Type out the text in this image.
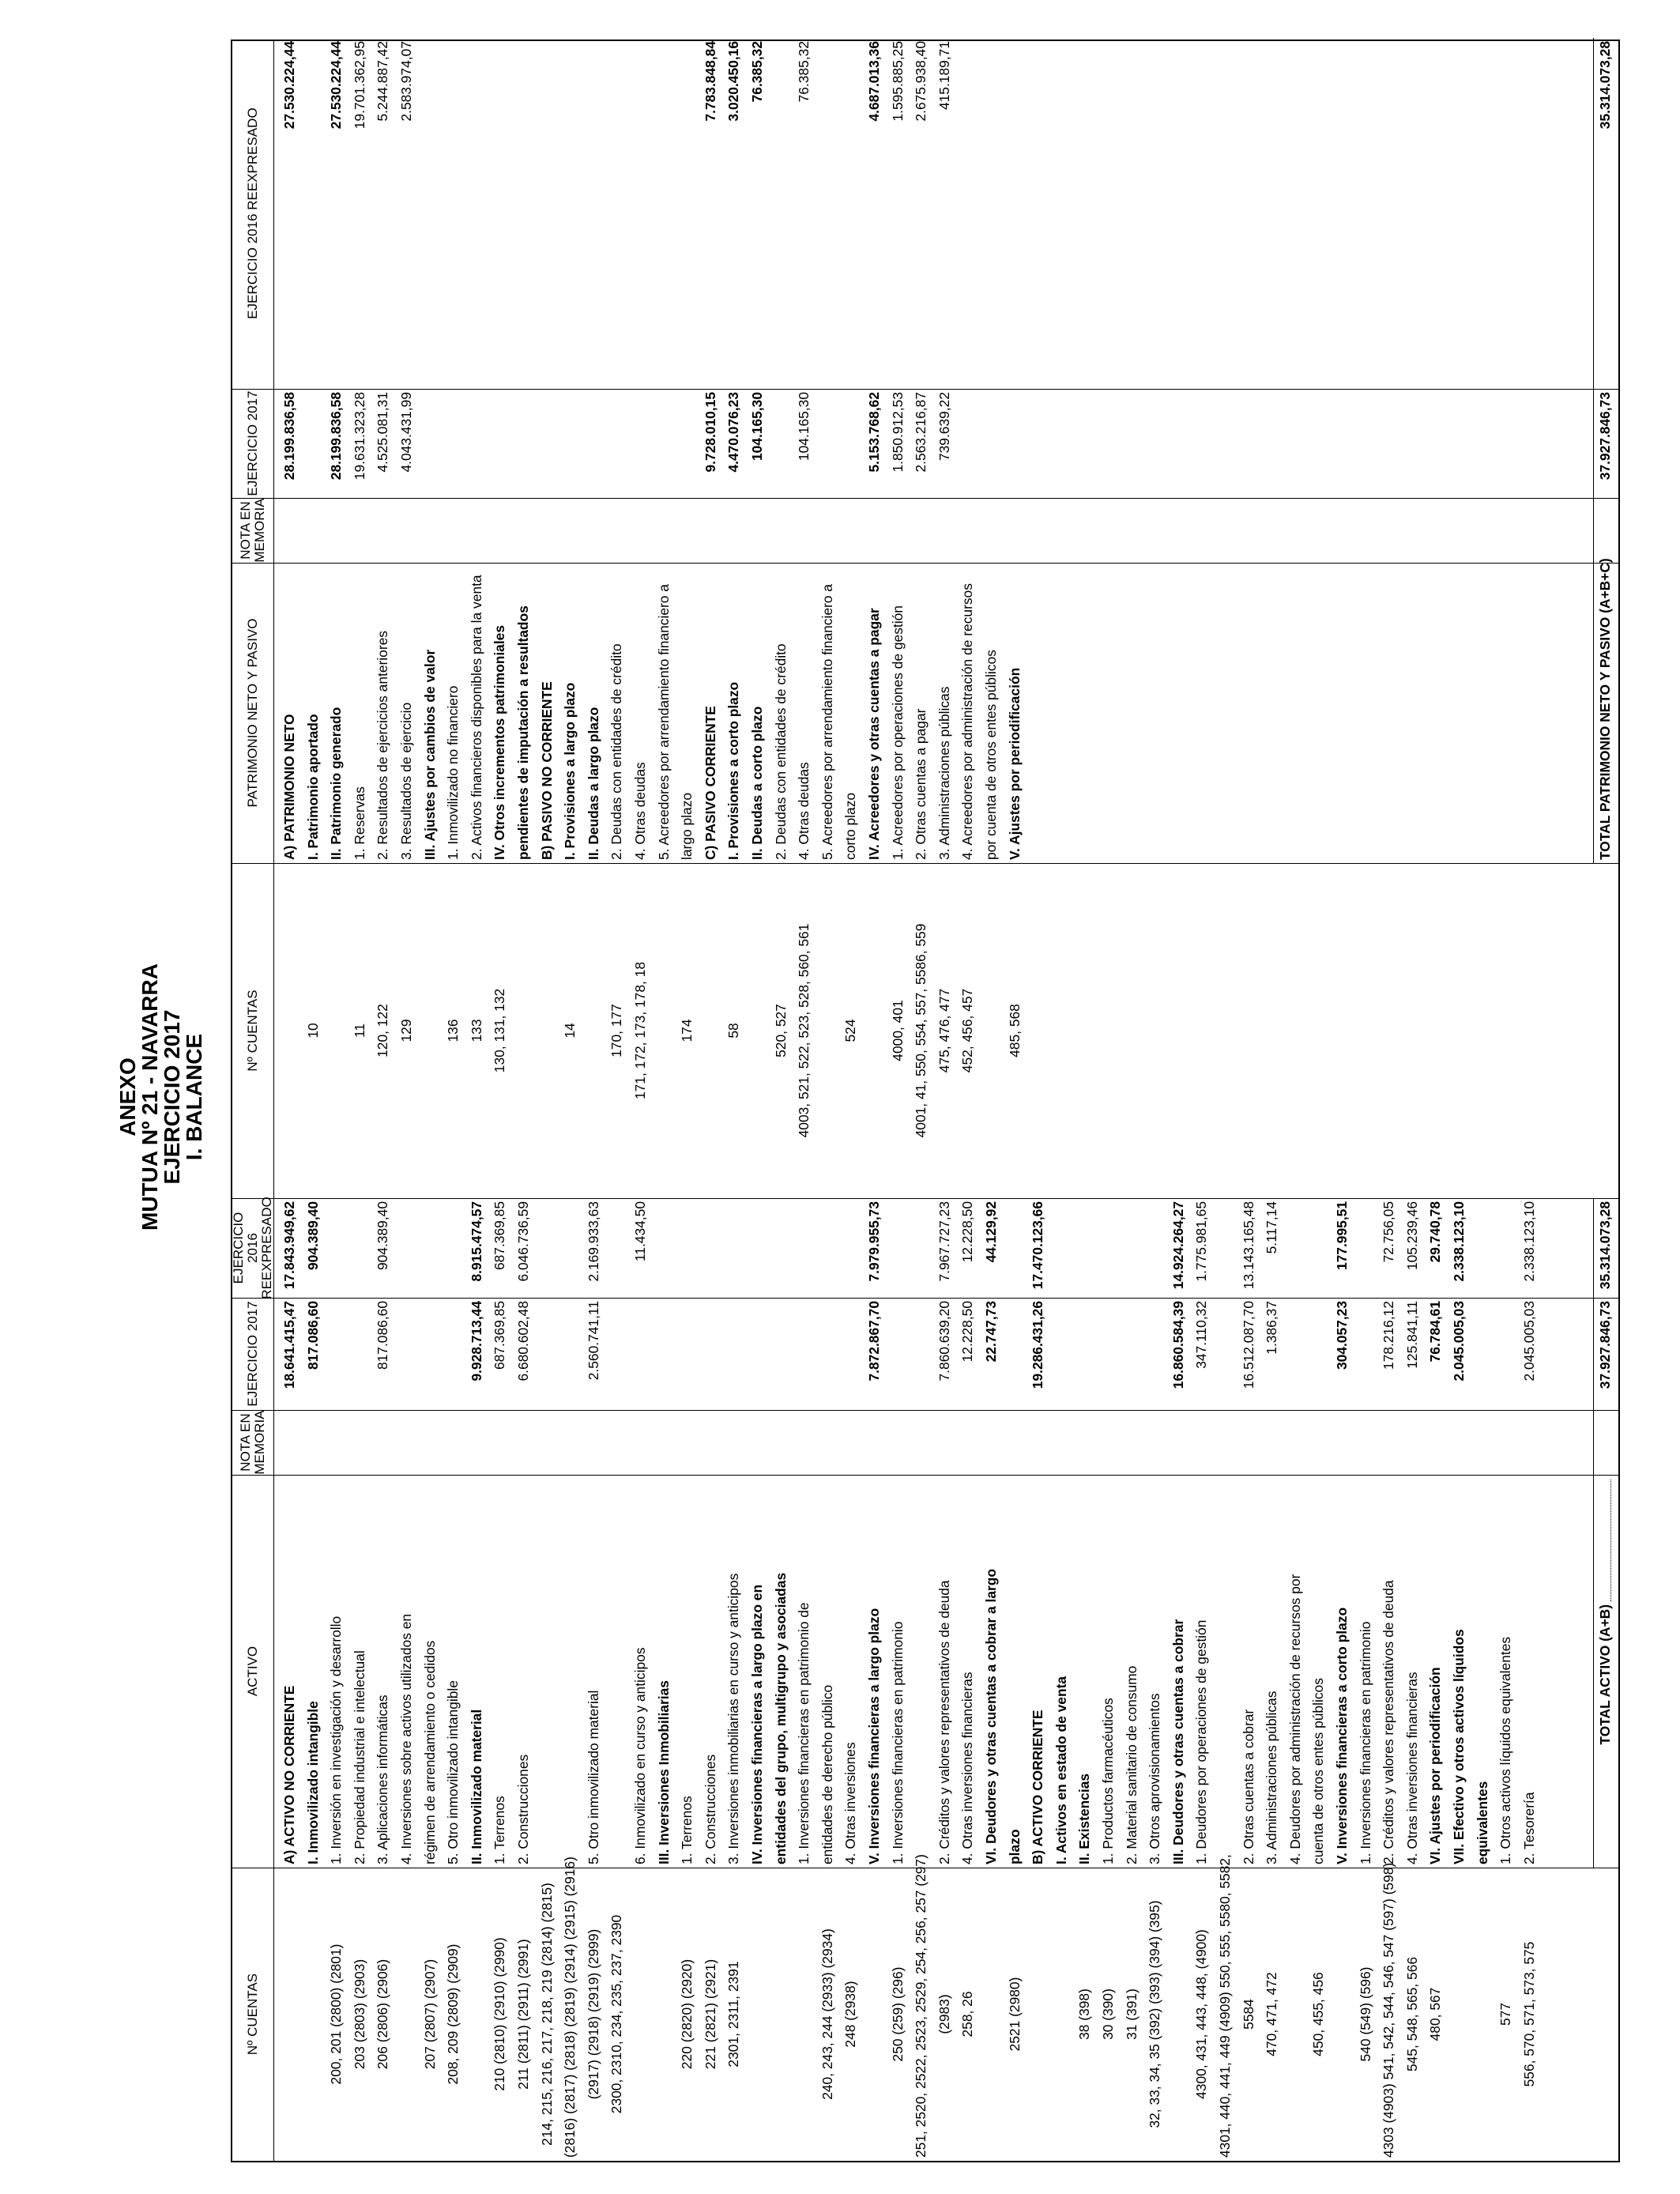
ANEXO
MUTUA Nº 21 - NAVARRA
EJERCICIO 2017
I. BALANCE
Nº CUENTAS
ACTIVO
NOTA EN MEMORIA
EJERCICIO 2017
EJERCICIO 2016 REEXPRESADO
Nº CUENTAS
PATRIMONIO NETO Y PASIVO
NOTA EN MEMORIA
EJERCICIO 2017
EJERCICIO 2016 REEXPRESADO
A) ACTIVO NO CORRIENTE
18.641.415,47
17.843.949,62
I. Inmovilizado intangible
817.086,60
904.389,40
200, 201 (2800) (2801)
1. Inversión en investigación y desarrollo
203 (2803) (2903)
2. Propiedad industrial e intelectual
206 (2806) (2906)
3. Aplicaciones informáticas
817.086,60
904.389,40
4. Inversiones sobre activos utilizados en
207 (2807) (2907)
régimen de arrendamiento o cedidos
208, 209 (2809) (2909)
5. Otro inmovilizado intangible II. Inmovilizado material
9.928.713,44
8.915.474,57
210 (2810) (2910) (2990)
1. Terrenos
687.369,85
687.369,85
211 (2811) (2911) (2991)
2. Construcciones
6.680.602,48
6.046.736,59
214, 215, 216, 217, 218, 219 (2814) (2815) (2816) (2817) (2818) (2819) (2914) (2915) (2916) (2917) (2918) (2919) (2999)
5. Otro inmovilizado material
2.560.741,11
2.169.933,63
2300, 2310, 234, 235, 237, 2390
6. Inmovilizado en curso y anticipos
11.434,50
III. Inversiones Inmobiliarias
220 (2820) (2920)
1. Terrenos
221 (2821) (2921)
2. Construcciones
2301, 2311, 2391
3. Inversiones inmobiliarias en curso y anticipos IV. Inversiones financieras a largo plazo en entidades del grupo, multigrupo y asociadas 1. Inversiones financieras en patrimonio de
240, 243, 244 (2933) (2934)
entidades de derecho público
248 (2938)
4. Otras inversiones V. Inversiones financieras a largo plazo
7.872.867,70
7.979.955,73
250 (259) (296)
1. Inversiones financieras en patrimonio
251, 2520, 2522, 2523, 2529, 254, 256, 257 (297) (2983)
2. Créditos y valores representativos de deuda
7.860.639,20
7.967.727,23
258, 26
4. Otras inversiones financieras
12.228,50
12.228,50
VI. Deudores y otras cuentas a cobrar a largo
22.747,73
44.129,92
2521 (2980)
plazo B) ACTIVO CORRIENTE
19.286.431,26
17.470.123,66
I. Activos en estado de venta
38 (398)
II. Existencias
30 (390)
1. Productos farmacéuticos
31 (391)
2. Material sanitario de consumo
32, 33, 34, 35 (392) (393) (394) (395)
3. Otros aprovisionamientos III. Deudores y otras cuentas a cobrar
16.860.584,39
14.924.264,27
4300, 431, 443, 448, (4900)
1. Deudores por operaciones de gestión
347.110,32
1.775.981,65
4301, 440, 441, 449 (4909) 550, 555, 5580, 5582, 5584
2. Otras cuentas a cobrar
16.512.087,70
13.143.165,48
470, 471, 472
3. Administraciones públicas
1.386,37
5.117,14
4. Deudores por administración de recursos por
450, 455, 456
cuenta de otros entes públicos V. Inversiones financieras a corto plazo
304.057,23
177.995,51
540 (549) (596)
1. Inversiones financieras en patrimonio
4303 (4903) 541, 542, 544, 546, 547 (597) (598)
2. Créditos y valores representativos de deuda
178.216,12
72.756,05
545, 548, 565, 566
4. Otras inversiones financieras
125.841,11
105.239,46
480, 567
VI. Ajustes por periodificación
76.784,61
29.740,78
VII. Efectivo y otros activos líquidos
2.045.005,03
2.338.123,10
equivalentes
577
1. Otros activos líquidos equivalentes
556, 570, 571, 573, 575
2. Tesorería
2.045.005,03
2.338.123,10
TOTAL ACTIVO (A+B)
37.927.846,73
35.314.073,28
A) PATRIMONIO NETO
28.199.836,58
27.530.224,44
10
I. Patrimonio aportado II. Patrimonio generado
28.199.836,58
27.530.224,44
11
1. Reservas
19.631.323,28
19.701.362,95
120, 122
2. Resultados de ejercicios anteriores
4.525.081,31
5.244.887,42
129
3. Resultados de ejercicio
4.043.431,99
2.583.974,07
III. Ajustes por cambios de valor
136
1. Inmovilizado no financiero
133
2. Activos financieros disponibles para la venta
130, 131, 132
IV. Otros incrementos patrimoniales pendientes de imputación a resultados B) PASIVO NO CORRIENTE
14
I. Provisiones a largo plazo II. Deudas a largo plazo
170, 177
2. Deudas con entidades de crédito
171, 172, 173, 178, 18
4. Otras deudas 5. Acreedores por arrendamiento financiero a
174
largo plazo C) PASIVO CORRIENTE
9.728.010,15
7.783.848,84
58
I. Provisiones a corto plazo
4.470.076,23
3.020.450,16
II. Deudas a corto plazo
104.165,30
76.385,32
520, 527
2. Deudas con entidades de crédito
4003, 521, 522, 523, 528, 560, 561
4. Otras deudas
104.165,30
76.385,32
5. Acreedores por arrendamiento financiero a
524
corto plazo IV. Acreedores y otras cuentas a pagar
5.153.768,62
4.687.013,36
4000, 401
1. Acreedores por operaciones de gestión
1.850.912,53
1.595.885,25
4001, 41, 550, 554, 557, 5586, 559
2. Otras cuentas a pagar
2.563.216,87
2.675.938,40
475, 476, 477
3. Administraciones públicas
739.639,22
415.189,71
452, 456, 457
4. Acreedores por administración de recursos por cuenta de otros entes públicos
485, 568
V. Ajustes por periodificación	TOTAL PATRIMONIO NETO Y PASIVO (A+B+C)
37.927.846,73
35.314.073,28
